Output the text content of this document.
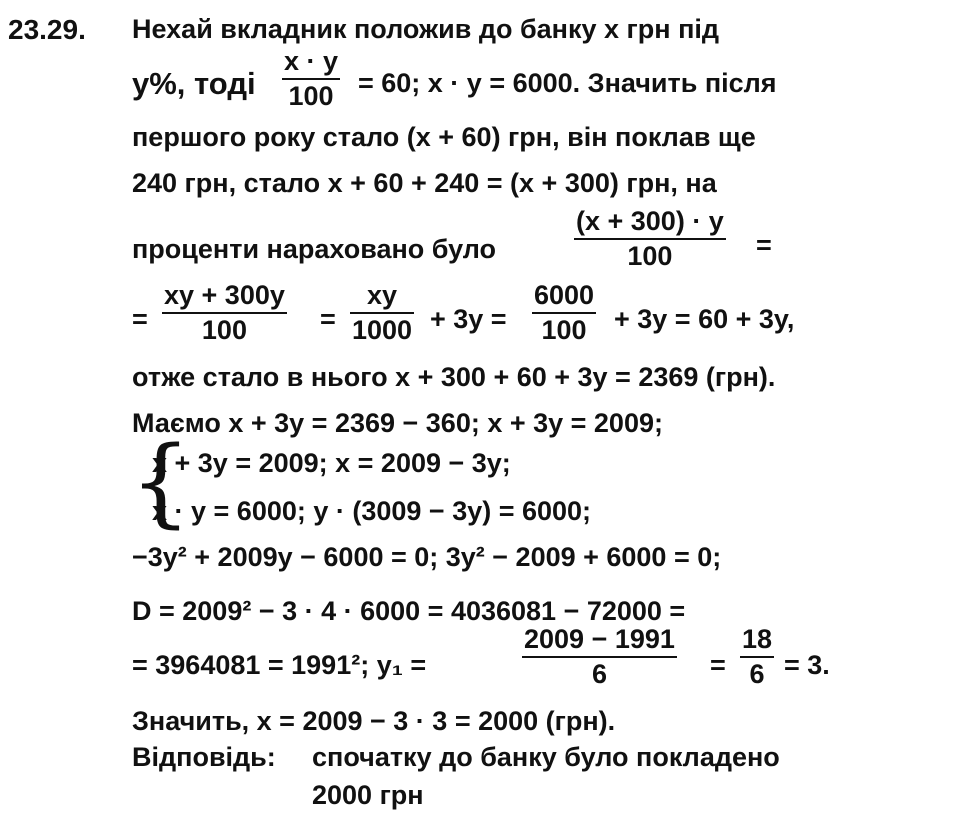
23.29. Нехай вкладник положив до банку x грн під
y%, тоді
x · y
100 = 60; x · y = 6000. Значить після
першого року стало (x + 60) грн, він поклав ще
240 грн, стало x + 60 + 240 = (x + 300) грн, на
проценти нараховано було
(x + 300) · y
100	=
=
xy + 300y
100	=
xy
1000 + 3y =
6000
100 + 3y = 60 + 3y,
отже стало в нього x + 300 + 60 + 3y = 2369 (грн).
Маємо x + 3y = 2369 − 360; x + 3y = 2009;
{
x + 3y = 2009; x = 2009 − 3y;
x · y = 6000; y · (3009 − 3y) = 6000;
−3y² + 2009y − 6000 = 0; 3y² − 2009 + 6000 = 0;
D = 2009² − 3 · 4 · 6000 = 4036081 − 72000 =
= 3964081 = 1991²; y₁ =
2009 − 1991
6	=
18
6 = 3.
Значить, x = 2009 − 3 · 3 = 2000 (грн).
Відповідь: спочатку до банку було покладено
2000 грн
